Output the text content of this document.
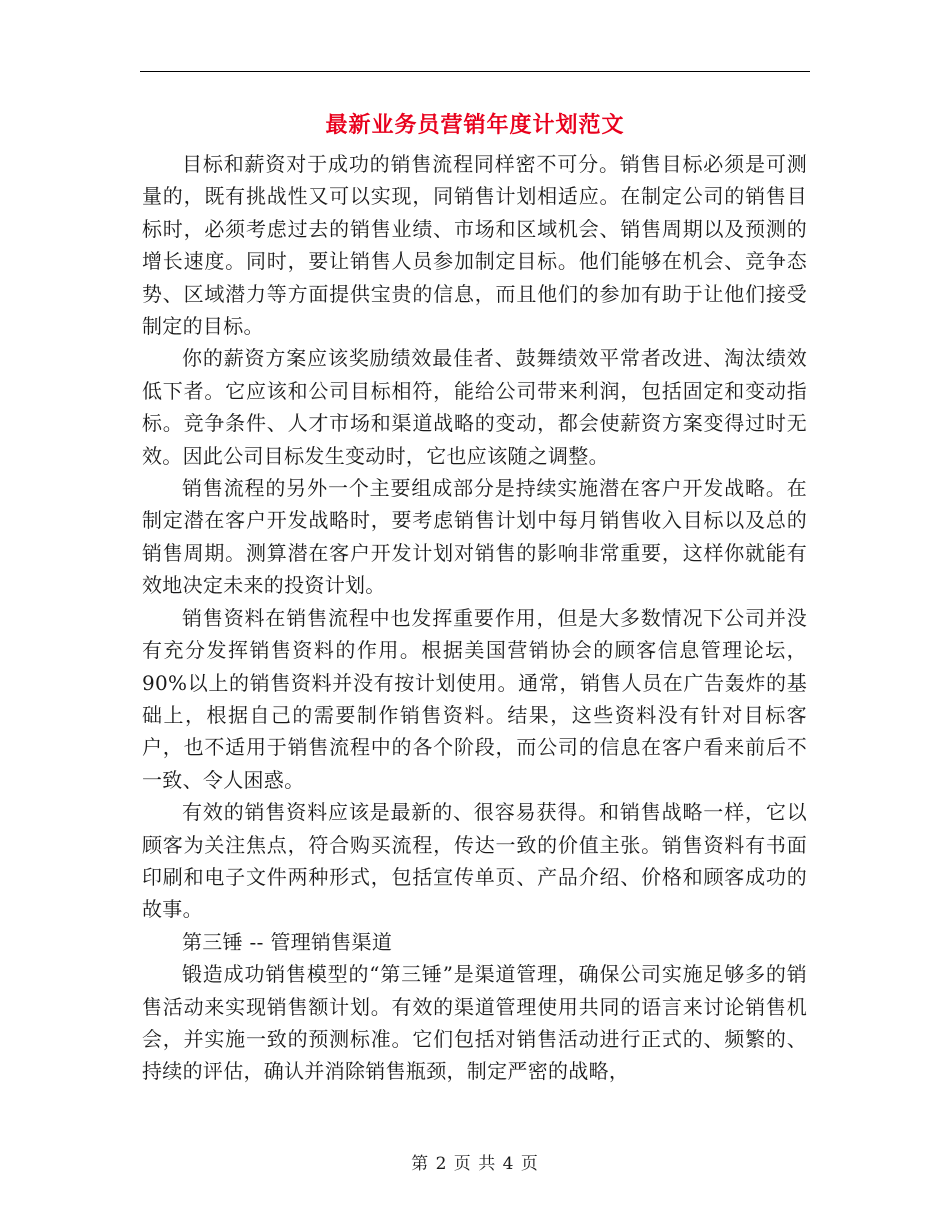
最新业务员营销年度计划范文

目标和薪资对于成功的销售流程同样密不可分。销售目标必须是可测量的，既有挑战性又可以实现，同销售计划相适应。在制定公司的销售目标时，必须考虑过去的销售业绩、市场和区域机会、销售周期以及预测的增长速度。同时，要让销售人员参加制定目标。他们能够在机会、竞争态势、区域潜力等方面提供宝贵的信息，而且他们的参加有助于让他们接受制定的目标。

你的薪资方案应该奖励绩效最佳者、鼓舞绩效平常者改进、淘汰绩效低下者。它应该和公司目标相符，能给公司带来利润，包括固定和变动指标。竞争条件、人才市场和渠道战略的变动，都会使薪资方案变得过时无效。因此公司目标发生变动时，它也应该随之调整。

销售流程的另外一个主要组成部分是持续实施潜在客户开发战略。在制定潜在客户开发战略时，要考虑销售计划中每月销售收入目标以及总的销售周期。测算潜在客户开发计划对销售的影响非常重要，这样你就能有效地决定未来的投资计划。

销售资料在销售流程中也发挥重要作用，但是大多数情况下公司并没有充分发挥销售资料的作用。根据美国营销协会的顾客信息管理论坛，90%以上的销售资料并没有按计划使用。通常，销售人员在广告轰炸的基础上，根据自己的需要制作销售资料。结果，这些资料没有针对目标客户，也不适用于销售流程中的各个阶段，而公司的信息在客户看来前后不一致、令人困惑。

有效的销售资料应该是最新的、很容易获得。和销售战略一样，它以顾客为关注焦点，符合购买流程，传达一致的价值主张。销售资料有书面印刷和电子文件两种形式，包括宣传单页、产品介绍、价格和顾客成功的故事。

第三锤 -- 管理销售渠道

锻造成功销售模型的“第三锤”是渠道管理，确保公司实施足够多的销售活动来实现销售额计划。有效的渠道管理使用共同的语言来讨论销售机会，并实施一致的预测标准。它们包括对销售活动进行正式的、频繁的、持续的评估，确认并消除销售瓶颈，制定严密的战略，

第 2 页 共 4 页
